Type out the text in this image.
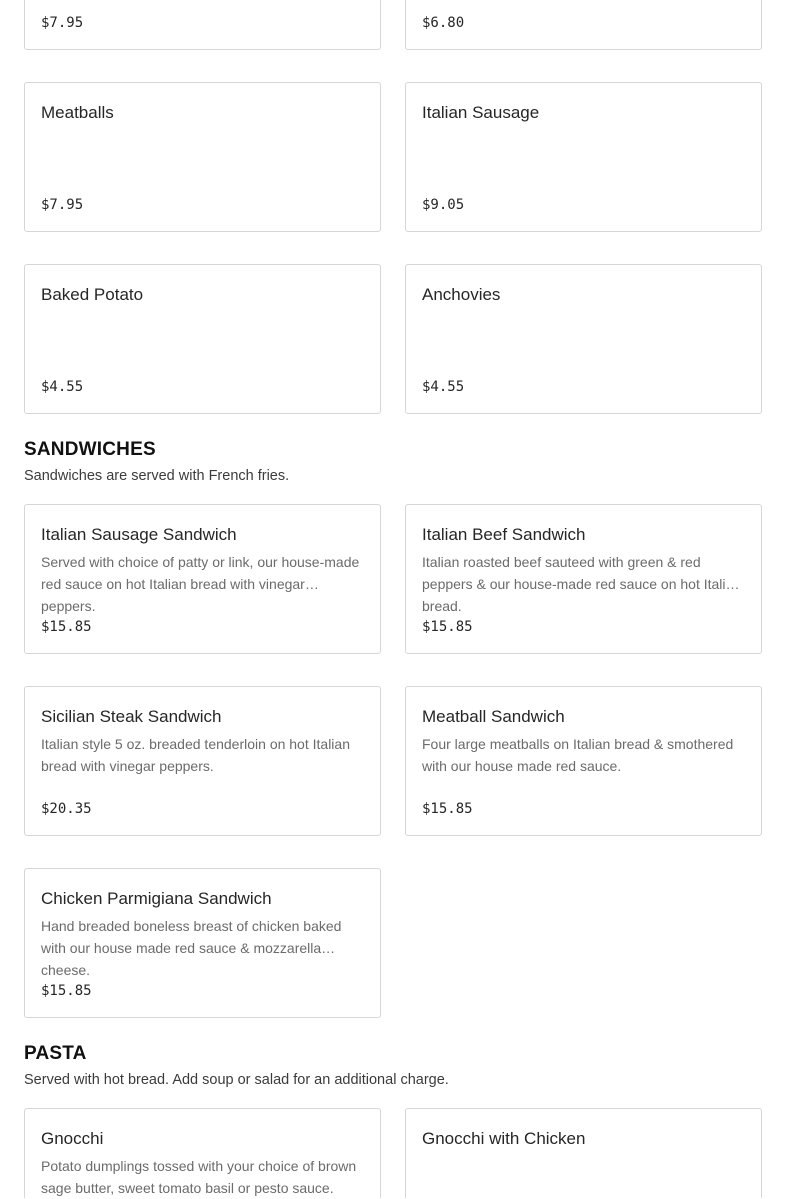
$7.95	$6.80
Meatballs
$7.95
Italian Sausage
$9.05
Baked Potato
$4.55
Anchovies
$4.55
SANDWICHES

Sandwiches are served with French fries.

Italian Sausage Sandwich
Served with choice of patty or link, our house-made red sauce on hot Italian bread with vinegar peppers.
$15.85
Italian Beef Sandwich
Italian roasted beef sauteed with green & red peppers & our house-made red sauce on hot Italian bread.
$15.85
Sicilian Steak Sandwich
Italian style 5 oz. breaded tenderloin on hot Italian bread with vinegar peppers.
$20.35
Meatball Sandwich
Four large meatballs on Italian bread & smothered with our house made red sauce.
$15.85
Chicken Parmigiana Sandwich
Hand breaded boneless breast of chicken baked with our house made red sauce & mozzarella cheese.
$15.85
PASTA

Served with hot bread. Add soup or salad for an additional charge.

Gnocchi
Potato dumplings tossed with your choice of brown sage butter, sweet tomato basil or pesto sauce.
Gnocchi with Chicken
